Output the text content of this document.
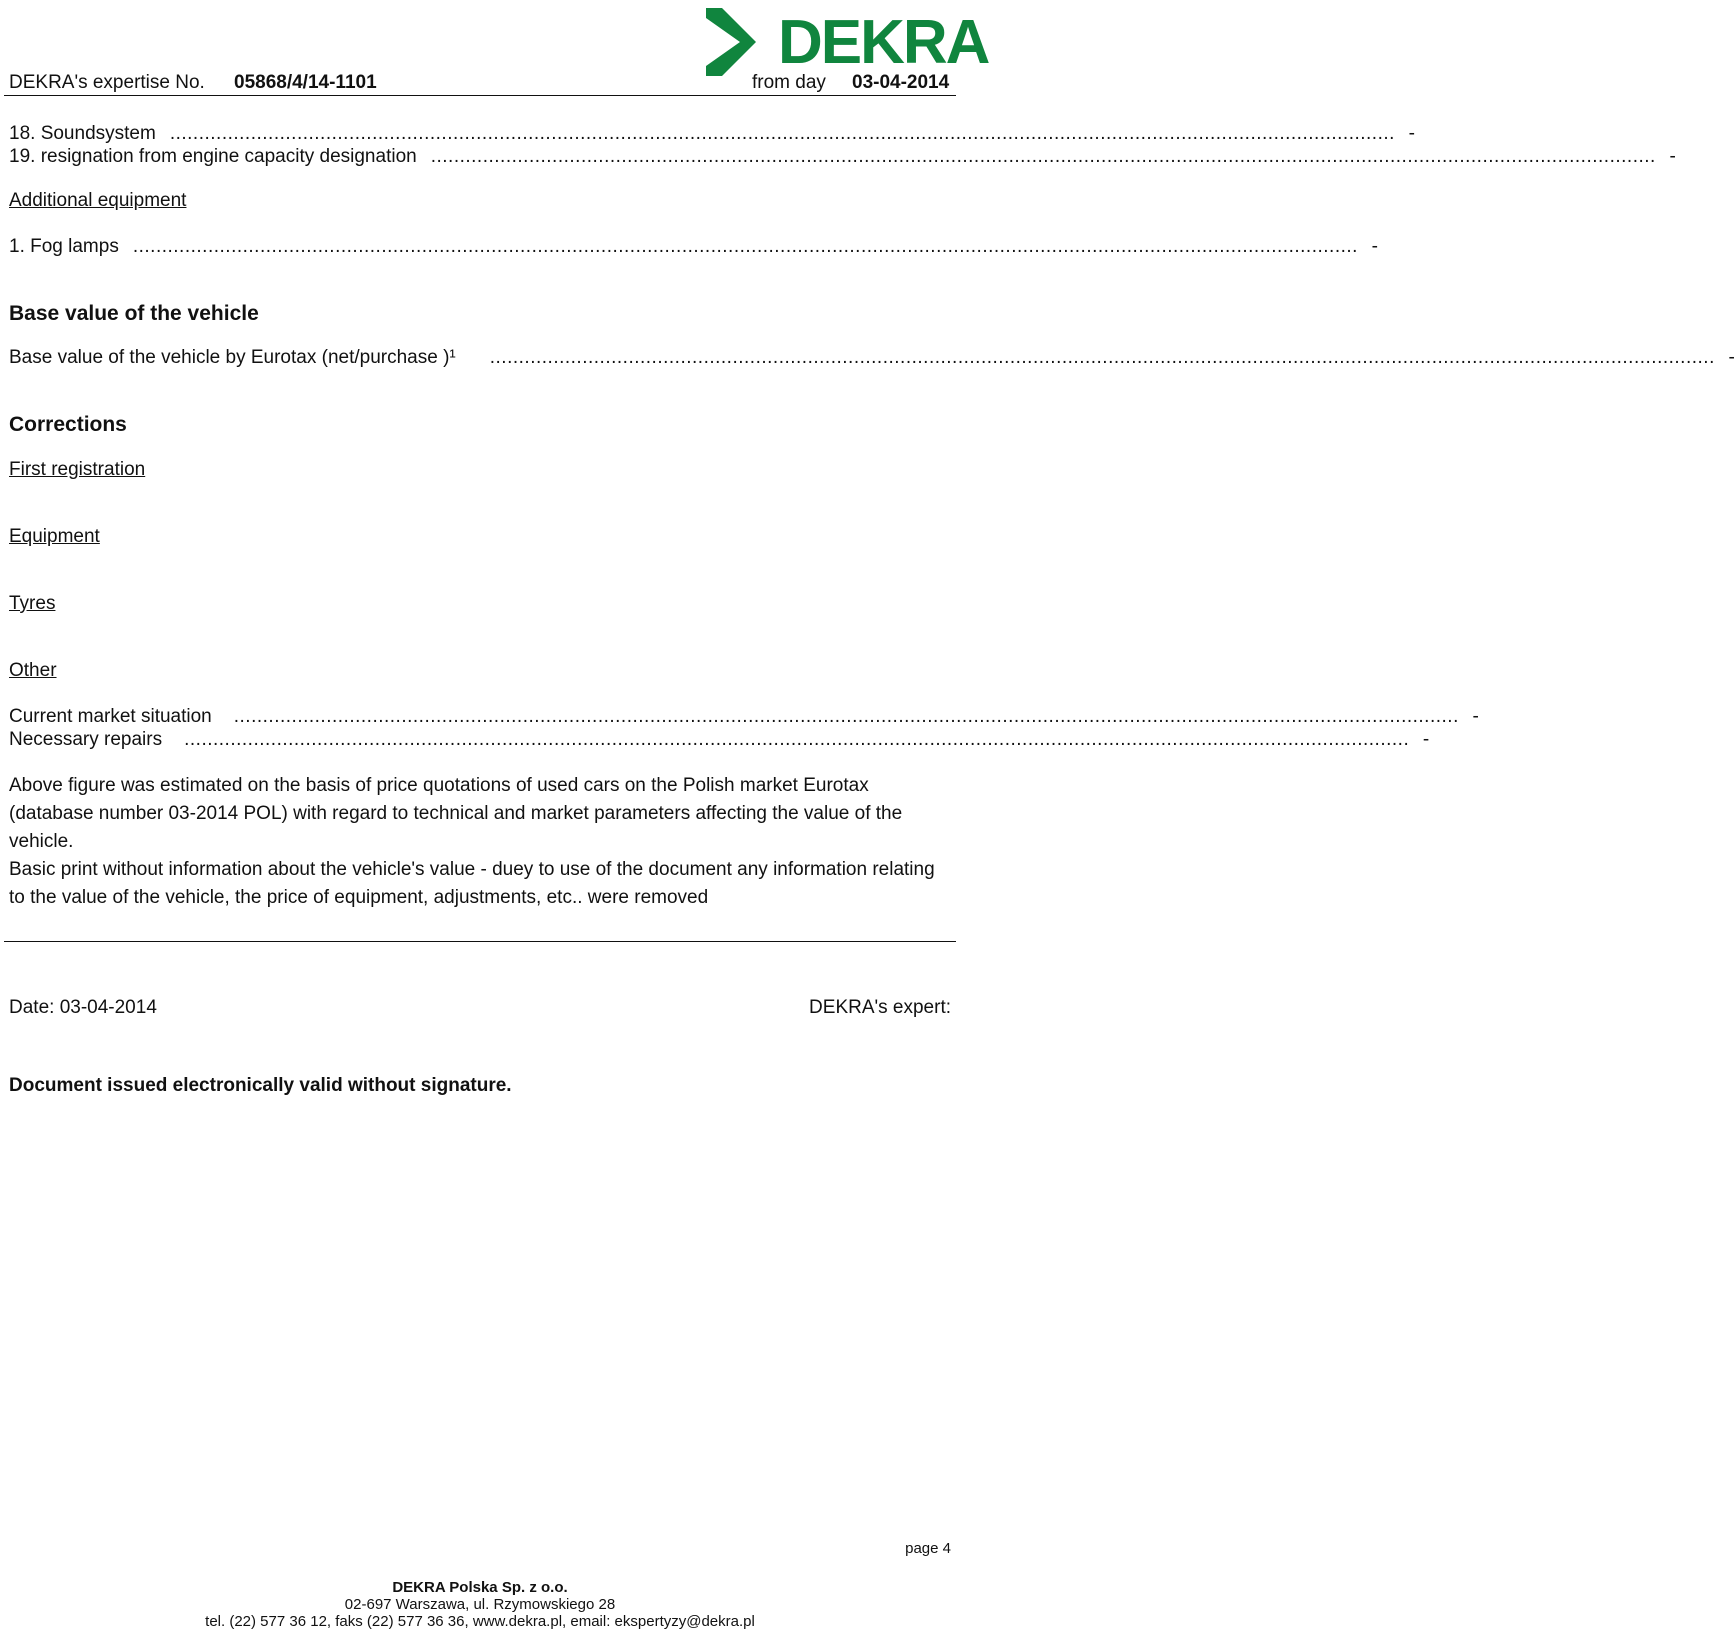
DEKRA
DEKRA's expertise No. 05868/4/14-1101	from day 03-04-2014
18. Soundsystem .................................................................................................................................................................................................................... -
19. resignation from engine capacity designation .................................................................................................................................................................................................................... -
Additional equipment
1. Fog lamps .................................................................................................................................................................................................................... -
Base value of the vehicle
Base value of the vehicle by Eurotax (net/purchase )¹	.................................................................................................................................................................................................................... -
Corrections
First registration
Equipment
Tyres
Other
Current market situation	.................................................................................................................................................................................................................... -
Necessary repairs	.................................................................................................................................................................................................................... -
Above figure was estimated on the basis of price quotations of used cars on the Polish market Eurotax (database number 03-2014 POL) with regard to technical and market parameters affecting the value of the vehicle.
Basic print without information about the vehicle's value - duey to use of the document any information relating to the value of the vehicle, the price of equipment, adjustments, etc.. were removed
Date: 03-04-2014	DEKRA's expert:
Document issued electronically valid without signature.
page 4
DEKRA Polska Sp. z o.o.
02-697 Warszawa, ul. Rzymowskiego 28
tel. (22) 577 36 12, faks (22) 577 36 36, www.dekra.pl, email: ekspertyzy@dekra.pl
